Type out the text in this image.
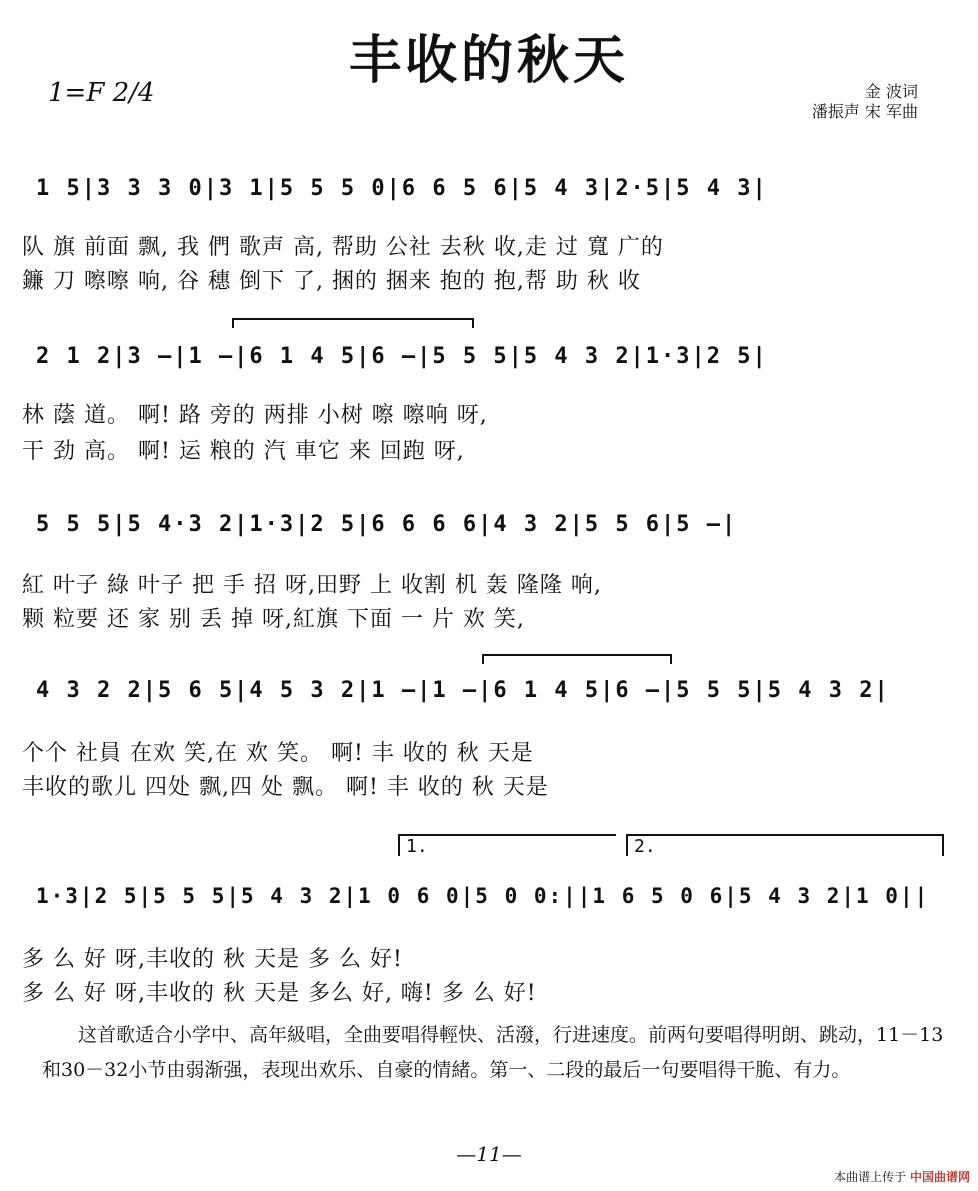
丰收的秋天
1=F 2/4	金 波词
潘振声 宋 军曲
1 5|3 3 3 0|3 1|5 5 5 0|6 6 5 6|5 4 3|2·5|5 4 3|
队 旗 前面 飘, 我 們 歌声 高, 帮助 公社 去秋 收,走 过 寬 广的
鐮 刀 嚓嚓 响, 谷 穗 倒下 了, 捆的 捆来 抱的 抱,帮 助 秋 收
2 1 2|3 —|1 —|6 1 4 5|6 —|5 5 5|5 4 3 2|1·3|2 5|
林 蔭 道。 啊! 路 旁的 两排 小树 嚓 嚓响 呀,
干 劲 高。 啊! 运 粮的 汽 車它 来 回跑 呀,
5 5 5|5 4·3 2|1·3|2 5|6 6 6 6|4 3 2|5 5 6|5 —|
紅 叶子 綠 叶子 把 手 招 呀,田野 上 收割 机 轰 隆隆 响,
颗 粒要 还 家 别 丢 掉 呀,紅旗 下面 一 片 欢 笑,
4 3 2 2|5 6 5|4 5 3 2|1 —|1 —|6 1 4 5|6 —|5 5 5|5 4 3 2|
个个 社員 在欢 笑,在 欢 笑。 啊! 丰 收的 秋 天是
丰收的歌儿 四处 飘,四 处 飘。 啊! 丰 收的 秋 天是
1.	2.
1·3|2 5|5 5 5|5 4 3 2|1 0 6 0|5 0 0:||1 6 5 0 6|5 4 3 2|1 0||
多 么 好 呀,丰收的 秋 天是 多 么 好!
多 么 好 呀,丰收的 秋 天是 多么 好, 嗨! 多 么 好!
这首歌适合小学中、高年級唱，全曲要唱得輕快、活潑，行进速度。前两句要唱得明朗、跳动，11－13和30－32小节由弱渐强，表现出欢乐、自豪的情緒。第一、二段的最后一句要唱得干脆、有力。
—11—
本曲谱上传于 中国曲谱网
